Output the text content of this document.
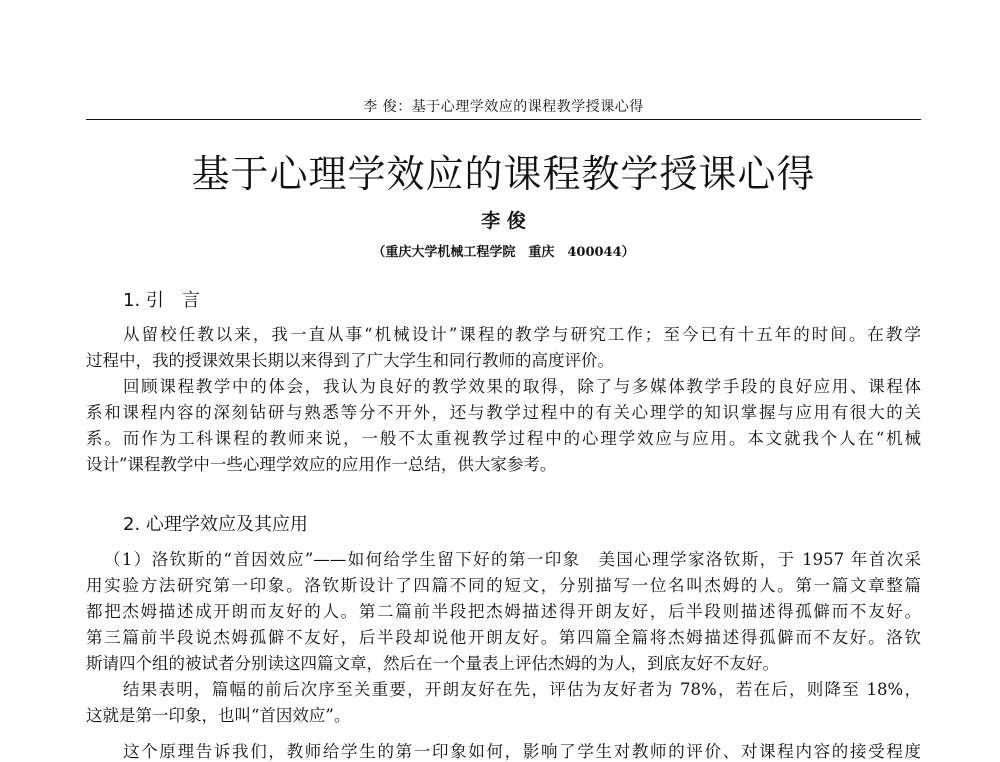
李 俊：基于心理学效应的课程教学授课心得
基于心理学效应的课程教学授课心得
李 俊
（重庆大学机械工程学院　重庆　400044）
1. 引　言
从留校任教以来，我一直从事“机械设计”课程的教学与研究工作；至今已有十五年的时间。在教学
过程中，我的授课效果长期以来得到了广大学生和同行教师的高度评价。
回顾课程教学中的体会，我认为良好的教学效果的取得，除了与多媒体教学手段的良好应用、课程体
系和课程内容的深刻钻研与熟悉等分不开外，还与教学过程中的有关心理学的知识掌握与应用有很大的关
系。而作为工科课程的教师来说，一般不太重视教学过程中的心理学效应与应用。本文就我个人在“机械
设计”课程教学中一些心理学效应的应用作一总结，供大家参考。
2. 心理学效应及其应用
（1）洛钦斯的“首因效应”——如何给学生留下好的第一印象　美国心理学家洛钦斯，于 1957 年首次采
用实验方法研究第一印象。洛钦斯设计了四篇不同的短文，分别描写一位名叫杰姆的人。第一篇文章整篇
都把杰姆描述成开朗而友好的人。第二篇前半段把杰姆描述得开朗友好，后半段则描述得孤僻而不友好。
第三篇前半段说杰姆孤僻不友好，后半段却说他开朗友好。第四篇全篇将杰姆描述得孤僻而不友好。洛钦
斯请四个组的被试者分别读这四篇文章，然后在一个量表上评估杰姆的为人，到底友好不友好。
结果表明，篇幅的前后次序至关重要，开朗友好在先，评估为友好者为 78%，若在后，则降至 18%，
这就是第一印象，也叫“首因效应”。
这个原理告诉我们，教师给学生的第一印象如何，影响了学生对教师的评价、对课程内容的接受程度
